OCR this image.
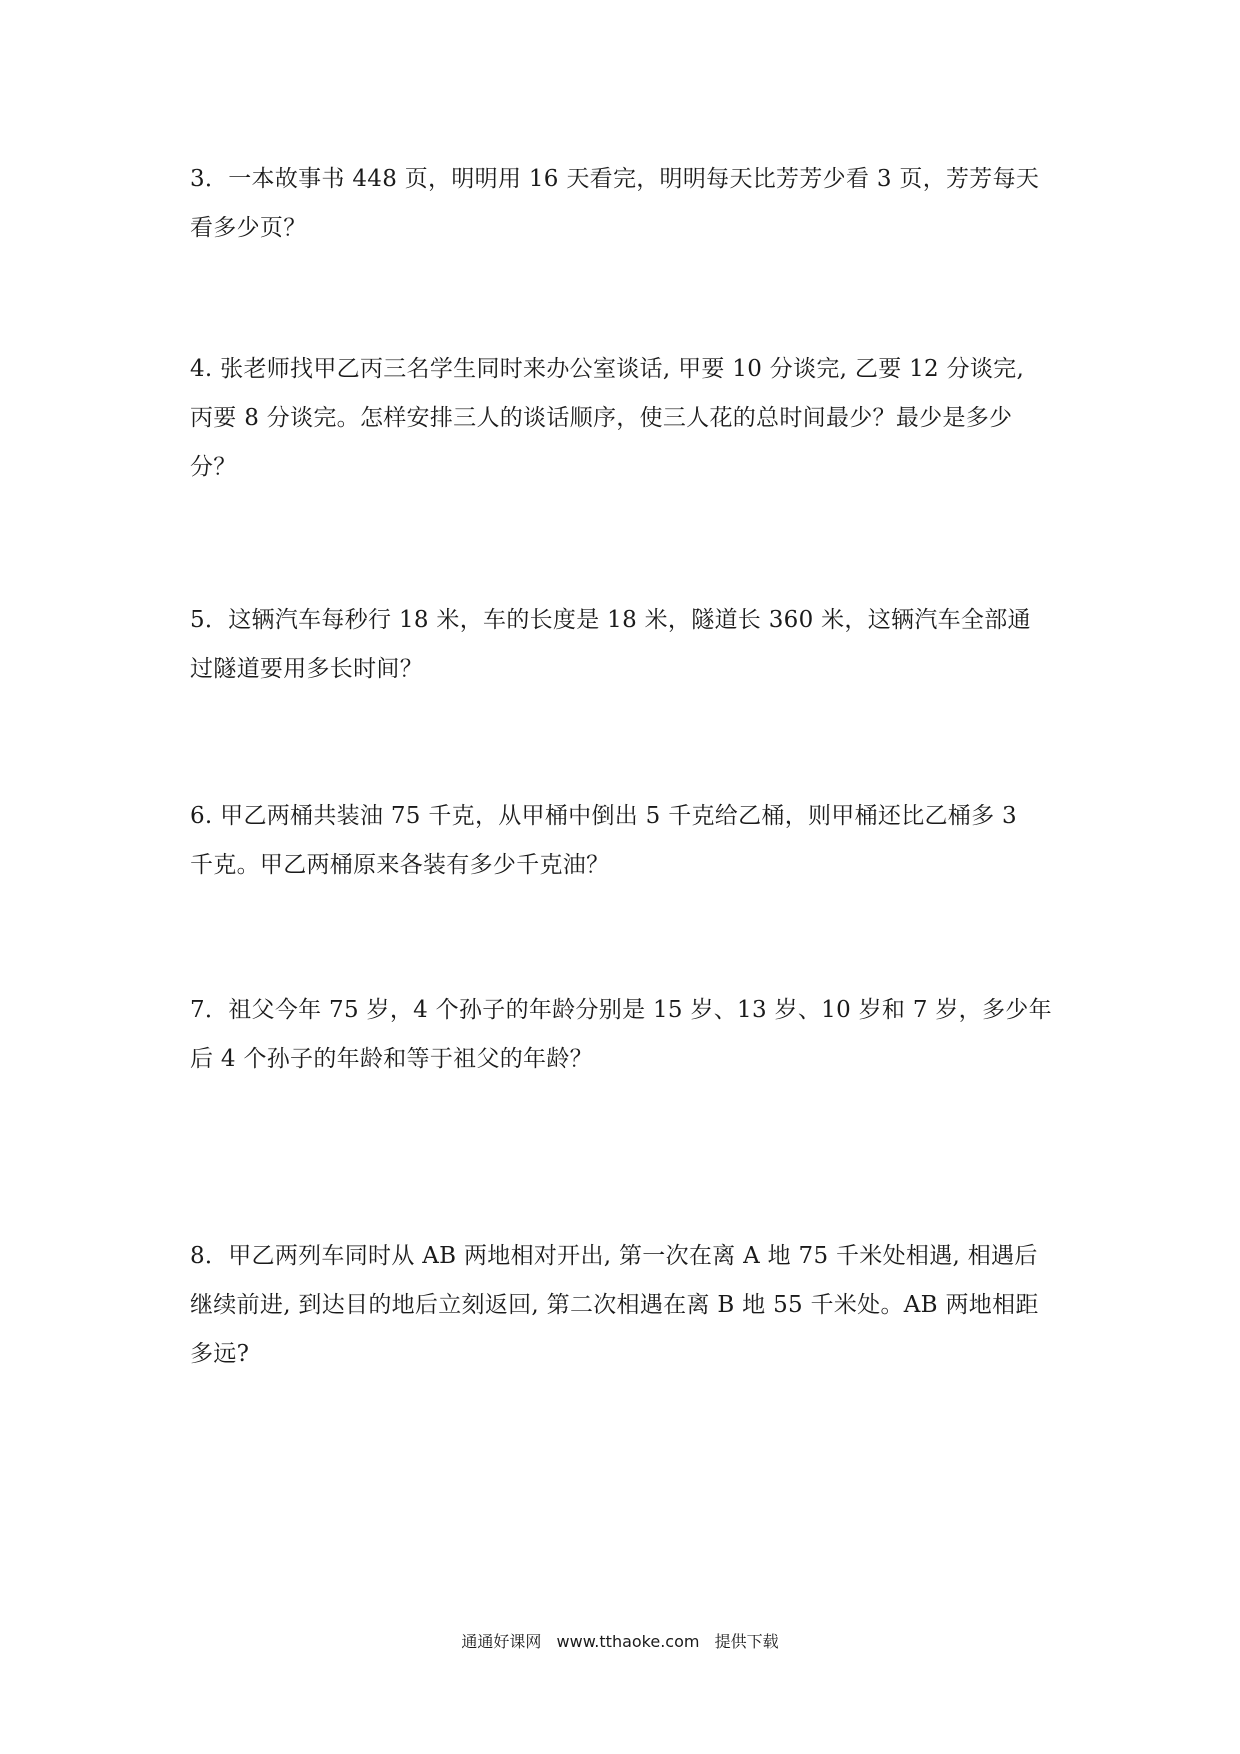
3．一本故事书 448 页，明明用 16 天看完，明明每天比芳芳少看 3 页，芳芳每天

看多少页？

4. 张老师找甲乙丙三名学生同时来办公室谈话, 甲要 10 分谈完, 乙要 12 分谈完,

丙要 8 分谈完。怎样安排三人的谈话顺序，使三人花的总时间最少？最少是多少

分？

5．这辆汽车每秒行 18 米，车的长度是 18 米，隧道长 360 米，这辆汽车全部通

过隧道要用多长时间？

6. 甲乙两桶共装油 75 千克，从甲桶中倒出 5 千克给乙桶，则甲桶还比乙桶多 3

千克。甲乙两桶原来各装有多少千克油？

7．祖父今年 75 岁，4 个孙子的年龄分别是 15 岁、13 岁、10 岁和 7 岁，多少年

后 4 个孙子的年龄和等于祖父的年龄？

8．甲乙两列车同时从 AB 两地相对开出, 第一次在离 A 地 75 千米处相遇, 相遇后

继续前进, 到达目的地后立刻返回, 第二次相遇在离 B 地 55 千米处。AB 两地相距

多远?

通通好课网 www.tthaoke.com 提供下载
